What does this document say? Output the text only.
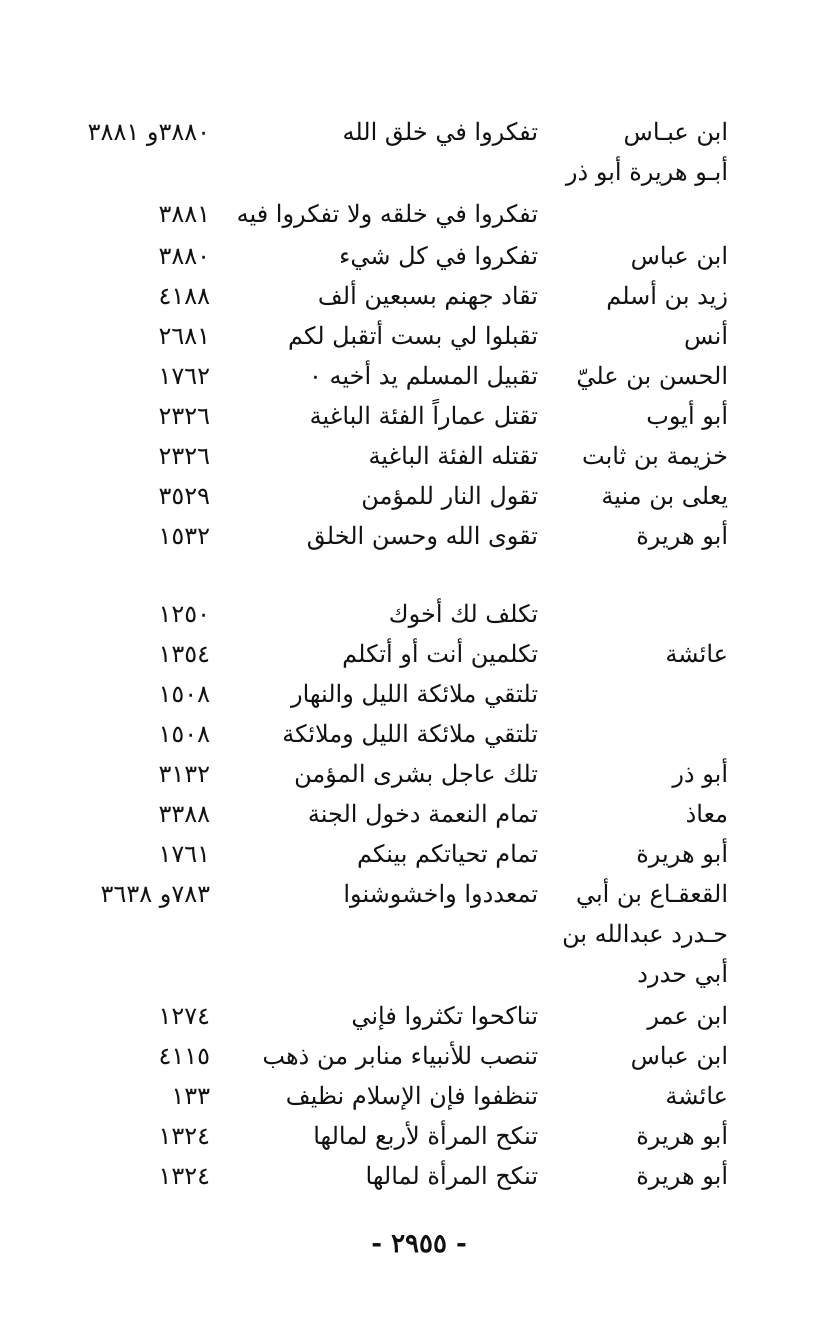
ابن عبـاس
تفكروا في خلق الله
٣٨٨٠و ٣٨٨١
أبـو هريرة أبو ذر
تفكروا في خلقه ولا تفكروا فيه
٣٨٨١
ابن عباس
تفكروا في كل شيء
٣٨٨٠
زيد بن أسلم
تقاد جهنم بسبعين ألف
٤١٨٨
أنس
تقبلوا لي بست أتقبل لكم
٢٦٨١
الحسن بن عليّ
تقبيل المسلم يد أخيه ٠
١٧٦٢
أبو أيوب
تقتل عماراً الفئة الباغية
٢٣٢٦
خزيمة بن ثابت
تقتله الفئة الباغية
٢٣٢٦
يعلى بن منية
تقول النار للمؤمن
٣٥٢٩
أبو هريرة
تقوى الله وحسن الخلق
١٥٣٢
تكلف لك أخوك
١٢٥٠
عائشة
تكلمين أنت أو أتكلم
١٣٥٤
تلتقي ملائكة الليل والنهار
١٥٠٨
تلتقي ملائكة الليل وملائكة
١٥٠٨
أبو ذر
تلك عاجل بشرى المؤمن
٣١٣٢
معاذ
تمام النعمة دخول الجنة
٣٣٨٨
أبو هريرة
تمام تحياتكم بينكم
١٧٦١
القعقـاع بن أبي
تمعددوا واخشوشنوا
٧٨٣و ٣٦٣٨
حـدرد عبدالله بن
أبي حدرد
ابن عمر
تناكحوا تكثروا فإني
١٢٧٤
ابن عباس
تنصب للأنبياء منابر من ذهب
٤١١٥
عائشة
تنظفوا فإن الإسلام نظيف
١٣٣
أبو هريرة
تنكح المرأة لأربع لمالها
١٣٢٤
أبو هريرة
تنكح المرأة لمالها
١٣٢٤
- ٢٩٥٥ -
